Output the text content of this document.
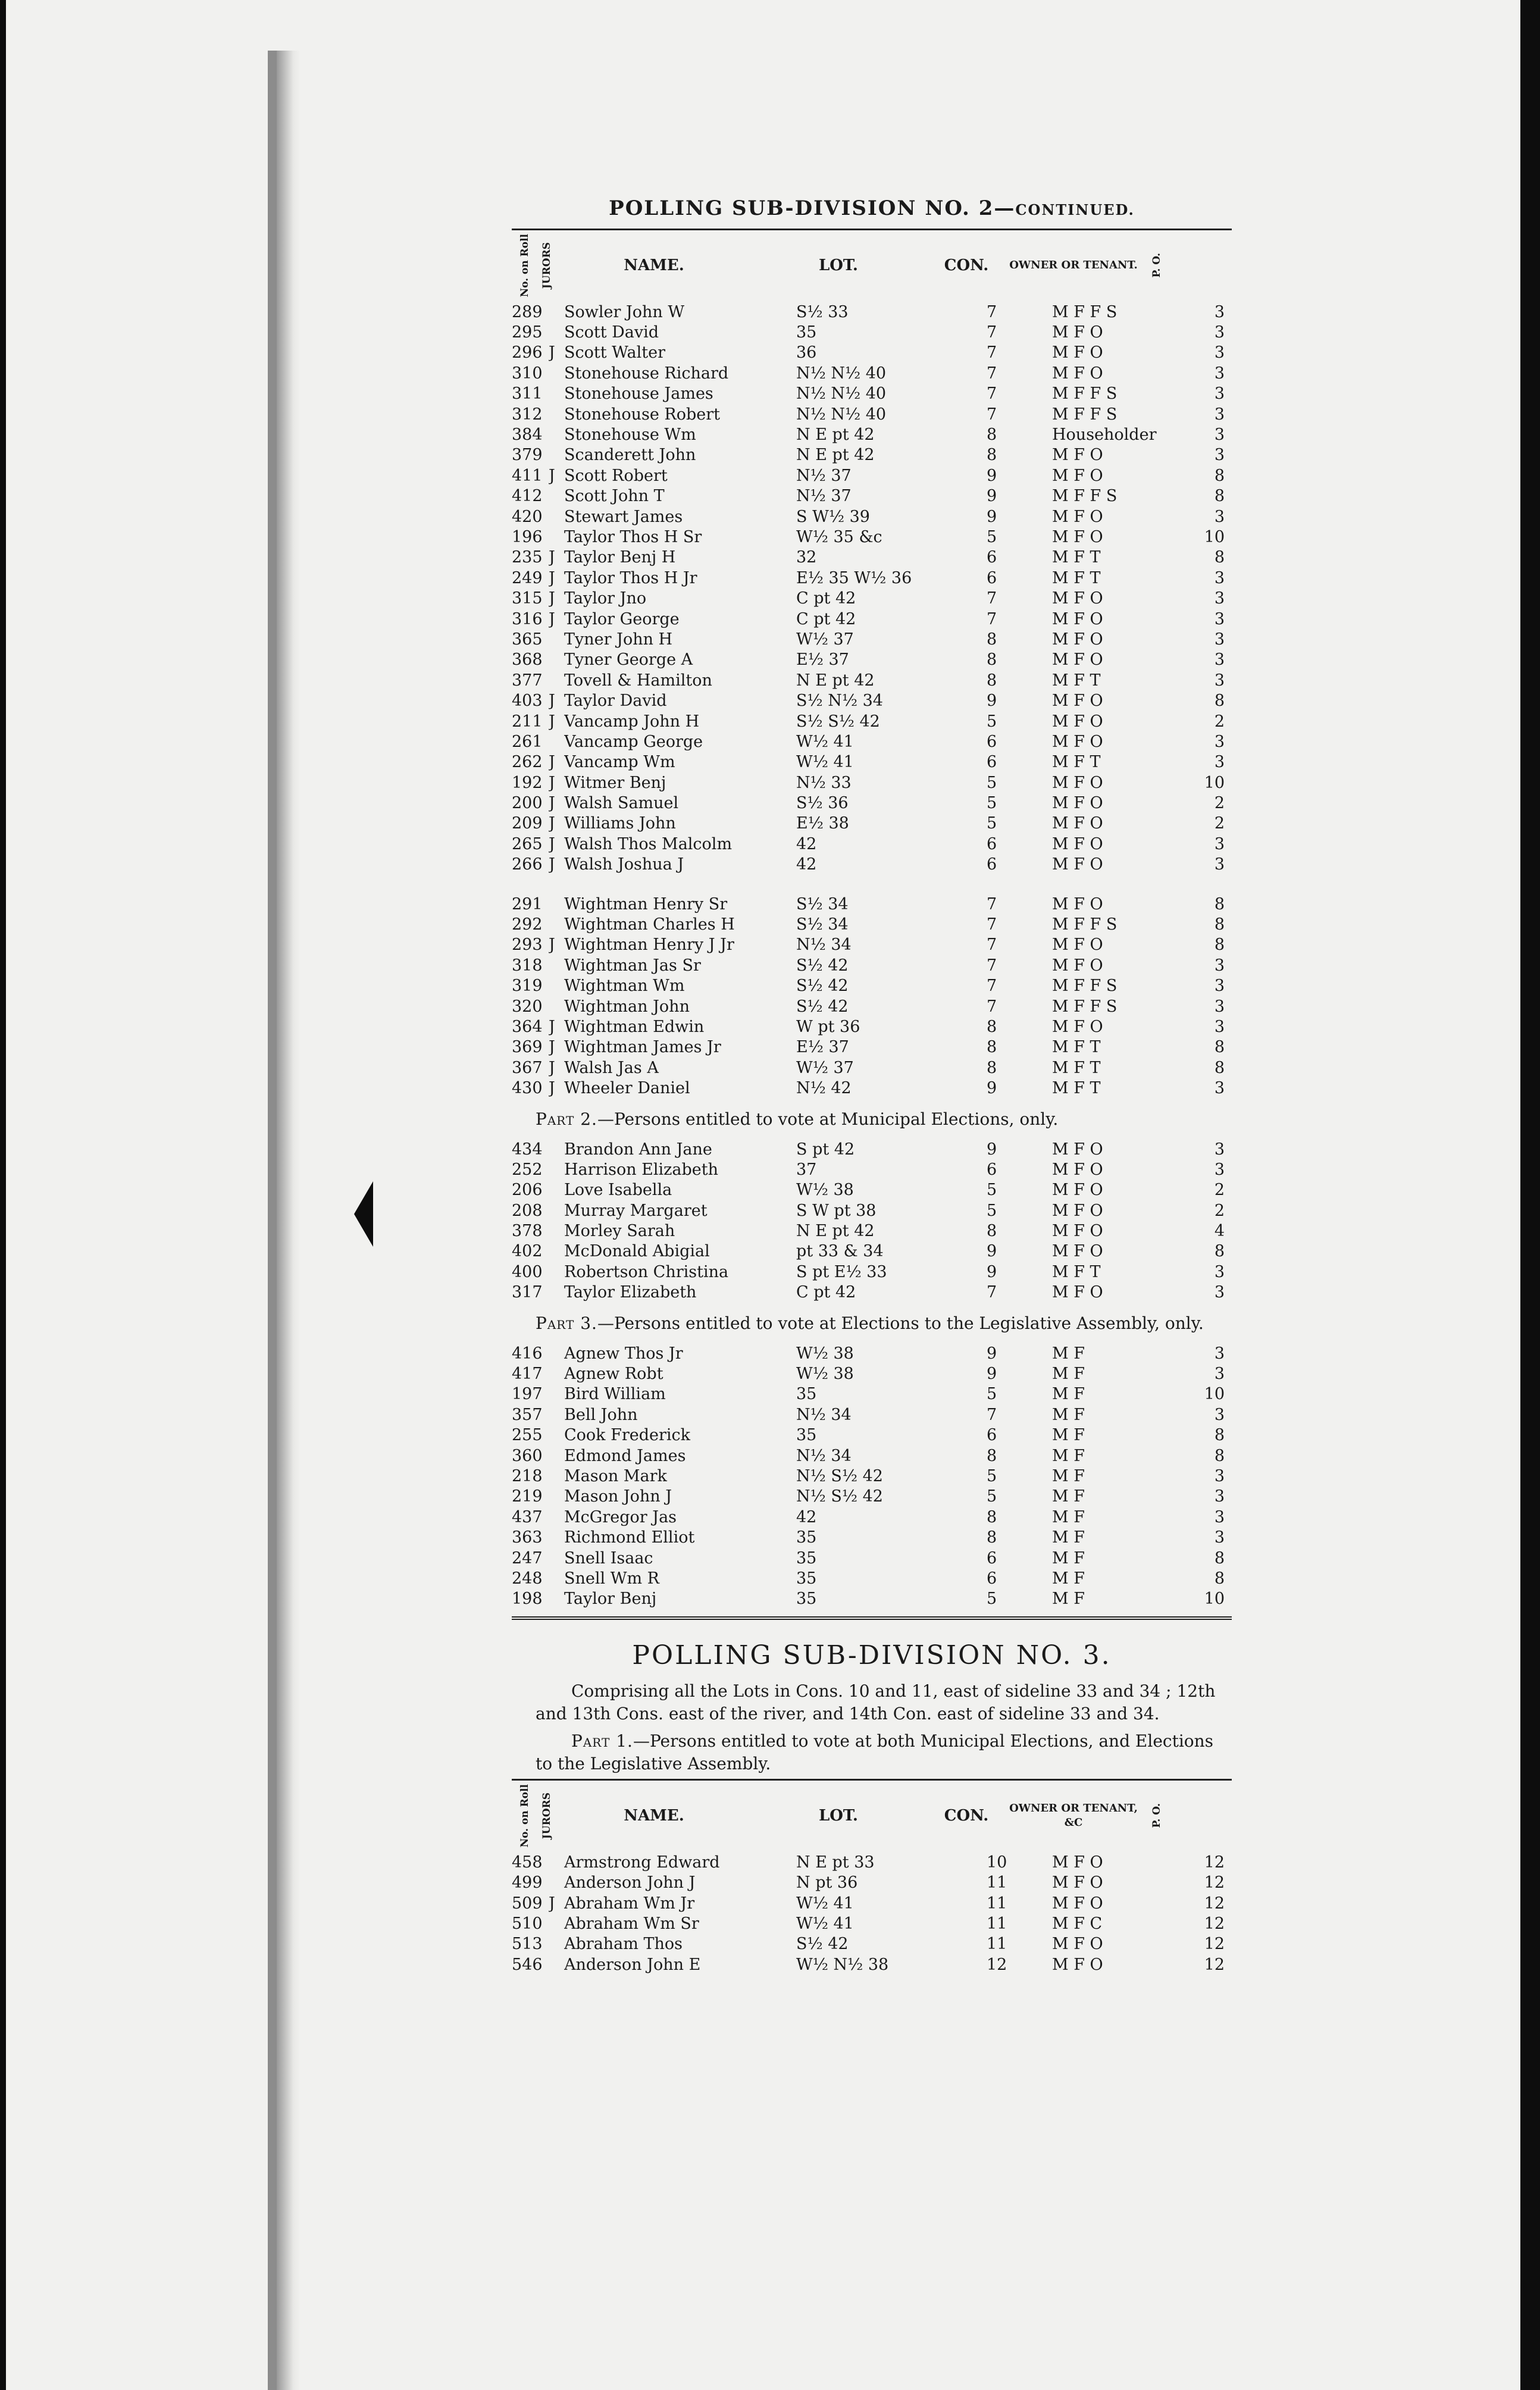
POLLING SUB-DIVISION NO. 2—CONTINUED.
No. on Roll JURORS	NAME.	LOT.	CON.	OWNER OR TENANT. P. O.
289	Sowler John W	S½ 33	7	M F F S	3
295	Scott David	35	7	M F O	3
296 J Scott Walter	36	7	M F O	3
310	Stonehouse Richard	N½ N½ 40	7	M F O	3
311	Stonehouse James	N½ N½ 40	7	M F F S	3
312	Stonehouse Robert	N½ N½ 40	7	M F F S	3
384	Stonehouse Wm	N E pt 42	8	Householder	3
379	Scanderett John	N E pt 42	8	M F O	3
411 J Scott Robert	N½ 37	9	M F O	8
412	Scott John T	N½ 37	9	M F F S	8
420	Stewart James	S W½ 39	9	M F O	3
196	Taylor Thos H Sr	W½ 35 &c	5	M F O	10
235 J Taylor Benj H	32	6	M F T	8
249 J Taylor Thos H Jr	E½ 35 W½ 36	6	M F T	3
315 J Taylor Jno	C pt 42	7	M F O	3
316 J Taylor George	C pt 42	7	M F O	3
365	Tyner John H	W½ 37	8	M F O	3
368	Tyner George A	E½ 37	8	M F O	3
377	Tovell & Hamilton	N E pt 42	8	M F T	3
403 J Taylor David	S½ N½ 34	9	M F O	8
211 J Vancamp John H	S½ S½ 42	5	M F O	2
261	Vancamp George	W½ 41	6	M F O	3
262 J Vancamp Wm	W½ 41	6	M F T	3
192 J Witmer Benj	N½ 33	5	M F O	10
200 J Walsh Samuel	S½ 36	5	M F O	2
209 J Williams John	E½ 38	5	M F O	2
265 J Walsh Thos Malcolm	42	6	M F O	3
266 J Walsh Joshua J	42	6	M F O	3
291	Wightman Henry Sr	S½ 34	7	M F O	8
292	Wightman Charles H	S½ 34	7	M F F S	8
293 J Wightman Henry J Jr	N½ 34	7	M F O	8
318	Wightman Jas Sr	S½ 42	7	M F O	3
319	Wightman Wm	S½ 42	7	M F F S	3
320	Wightman John	S½ 42	7	M F F S	3
364 J Wightman Edwin	W pt 36	8	M F O	3
369 J Wightman James Jr	E½ 37	8	M F T	8
367 J Walsh Jas A	W½ 37	8	M F T	8
430 J Wheeler Daniel	N½ 42	9	M F T	3
Part 2.—Persons entitled to vote at Municipal Elections, only.
434	Brandon Ann Jane	S pt 42	9	M F O	3
252	Harrison Elizabeth	37	6	M F O	3
206	Love Isabella	W½ 38	5	M F O	2
208	Murray Margaret	S W pt 38	5	M F O	2
378	Morley Sarah	N E pt 42	8	M F O	4
402	McDonald Abigial	pt 33 & 34	9	M F O	8
400	Robertson Christina	S pt E½ 33	9	M F T	3
317	Taylor Elizabeth	C pt 42	7	M F O	3
Part 3.—Persons entitled to vote at Elections to the Legislative Assembly, only.
416	Agnew Thos Jr	W½ 38	9	M F	3
417	Agnew Robt	W½ 38	9	M F	3
197	Bird William	35	5	M F	10
357	Bell John	N½ 34	7	M F	3
255	Cook Frederick	35	6	M F	8
360	Edmond James	N½ 34	8	M F	8
218	Mason Mark	N½ S½ 42	5	M F	3
219	Mason John J	N½ S½ 42	5	M F	3
437	McGregor Jas	42	8	M F	3
363	Richmond Elliot	35	8	M F	3
247	Snell Isaac	35	6	M F	8
248	Snell Wm R	35	6	M F	8
198	Taylor Benj	35	5	M F	10
POLLING SUB-DIVISION NO. 3.

Comprising all the Lots in Cons. 10 and 11, east of sideline 33 and 34 ; 12th and 13th Cons. east of the river, and 14th Con. east of sideline 33 and 34.

Part 1.—Persons entitled to vote at both Municipal Elections, and Elections to the Legislative Assembly.

No. on Roll JURORS	NAME.	LOT.	CON.	OWNER OR TENANT, &C	P. O.
458	Armstrong Edward	N E pt 33	10	M F O	12
499	Anderson John J	N pt 36	11	M F O	12
509 J Abraham Wm Jr	W½ 41	11	M F O	12
510	Abraham Wm Sr	W½ 41	11	M F C	12
513	Abraham Thos	S½ 42	11	M F O	12
546	Anderson John E	W½ N½ 38	12	M F O	12
